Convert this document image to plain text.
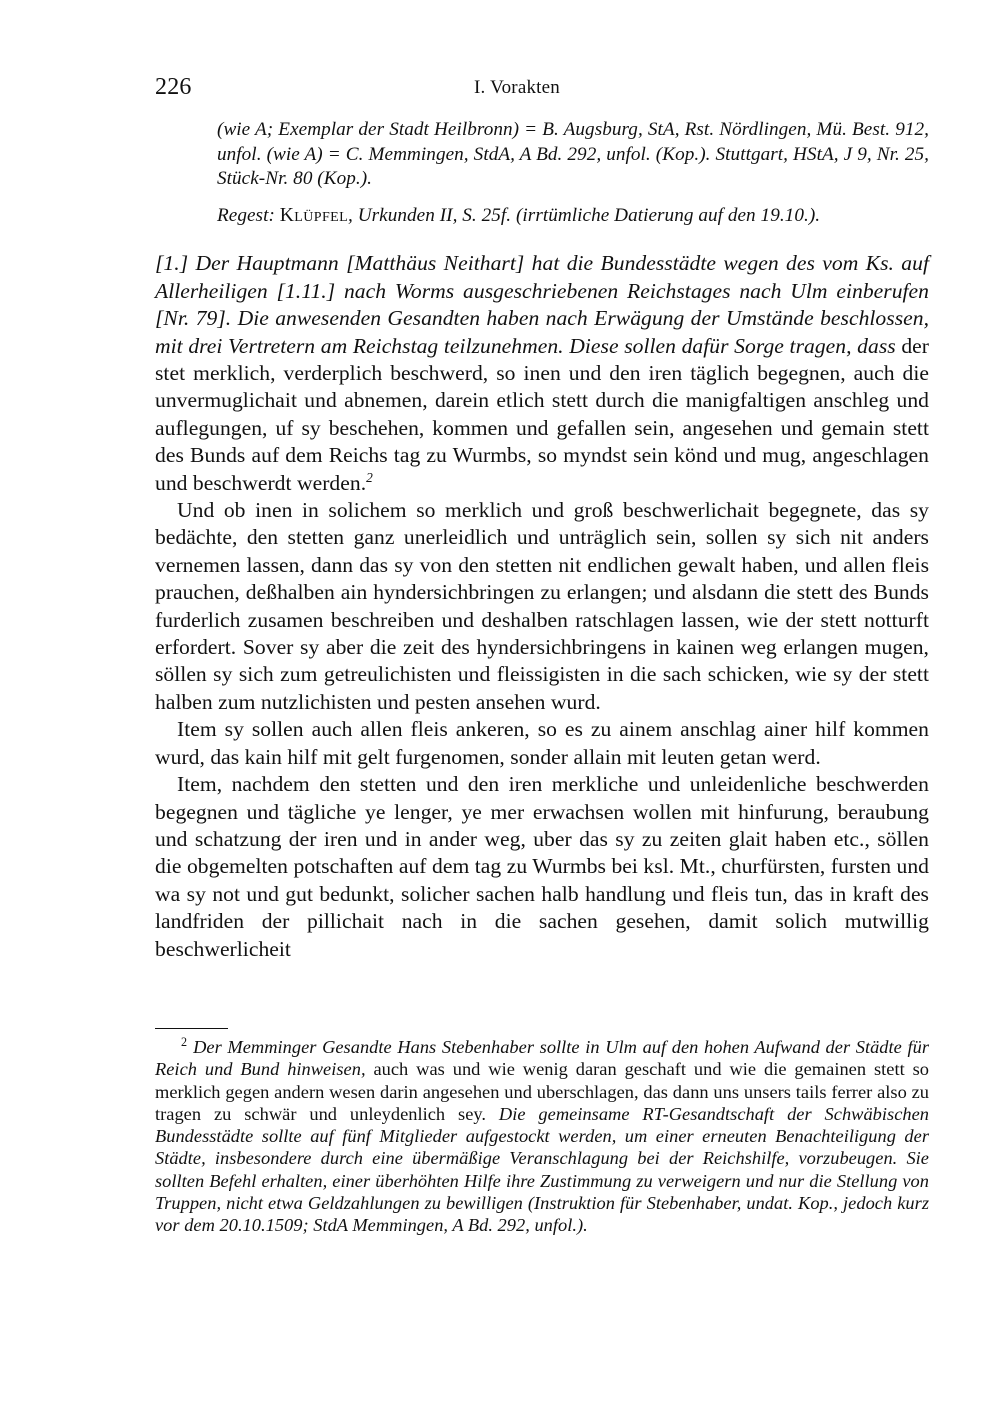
226	I. Vorakten

(wie A; Exemplar der Stadt Heilbronn) = B. Augsburg, StA, Rst. Nördlingen, Mü. Best. 912, unfol. (wie A) = C. Memmingen, StdA, A Bd. 292, unfol. (Kop.). Stuttgart, HStA, J 9, Nr. 25, Stück-Nr. 80 (Kop.).

Regest: Klüpfel, Urkunden II, S. 25f. (irrtümliche Datierung auf den 19.10.).

[1.] Der Hauptmann [Matthäus Neithart] hat die Bundesstädte wegen des vom Ks. auf Allerheiligen [1.11.] nach Worms ausgeschriebenen Reichstages nach Ulm einberufen [Nr. 79]. Die anwesenden Gesandten haben nach Erwägung der Umstände beschlossen, mit drei Vertretern am Reichstag teilzunehmen. Diese sollen dafür Sorge tragen, dass der stet merklich, verderplich beschwerd, so inen und den iren täglich begegnen, auch die unvermuglichait und abnemen, darein etlich stett durch die manigfaltigen anschleg und auflegungen, uf sy beschehen, kommen und gefallen sein, angesehen und gemain stett des Bunds auf dem Reichs tag zu Wurmbs, so myndst sein könd und mug, angeschlagen und beschwerdt werden.$^2$

Und ob inen in solichem so merklich und groß beschwerlichait begegnete, das sy bedächte, den stetten ganz unerleidlich und unträglich sein, sollen sy sich nit anders vernemen lassen, dann das sy von den stetten nit endlichen gewalt haben, und allen fleis prauchen, deßhalben ain hyndersichbringen zu erlangen; und alsdann die stett des Bunds furderlich zusamen beschreiben und deshalben ratschlagen lassen, wie der stett notturft erfordert. Sover sy aber die zeit des hyndersichbringens in kainen weg erlangen mugen, söllen sy sich zum getreulichisten und fleissigisten in die sach schicken, wie sy der stett halben zum nutzlichisten und pesten ansehen wurd.

Item sy sollen auch allen fleis ankeren, so es zu ainem anschlag ainer hilf kommen wurd, das kain hilf mit gelt furgenomen, sonder allain mit leuten getan werd.

Item, nachdem den stetten und den iren merkliche und unleidenliche beschwerden begegnen und tägliche ye lenger, ye mer erwachsen wollen mit hinfurung, beraubung und schatzung der iren und in ander weg, uber das sy zu zeiten glait haben etc., söllen die obgemelten potschaften auf dem tag zu Wurmbs bei ksl. Mt., churfürsten, fursten und wa sy not und gut bedunkt, solicher sachen halb handlung und fleis tun, das in kraft des landfriden der pillichait nach in die sachen gesehen, damit solich mutwillig beschwerlicheit

$^2$ Der Memminger Gesandte Hans Stebenhaber sollte in Ulm auf den hohen Aufwand der Städte für Reich und Bund hinweisen, auch was und wie wenig daran geschaft und wie die gemainen stett so merklich gegen andern wesen darin angesehen und uberschlagen, das dann uns unsers tails ferrer also zu tragen zu schwär und unleydenlich sey. Die gemeinsame RT-Gesandtschaft der Schwäbischen Bundesstädte sollte auf fünf Mitglieder aufgestockt werden, um einer erneuten Benachteiligung der Städte, insbesondere durch eine übermäßige Veranschlagung bei der Reichshilfe, vorzubeugen. Sie sollten Befehl erhalten, einer überhöhten Hilfe ihre Zustimmung zu verweigern und nur die Stellung von Truppen, nicht etwa Geldzahlungen zu bewilligen (Instruktion für Stebenhaber, undat. Kop., jedoch kurz vor dem 20.10.1509; StdA Memmingen, A Bd. 292, unfol.).
